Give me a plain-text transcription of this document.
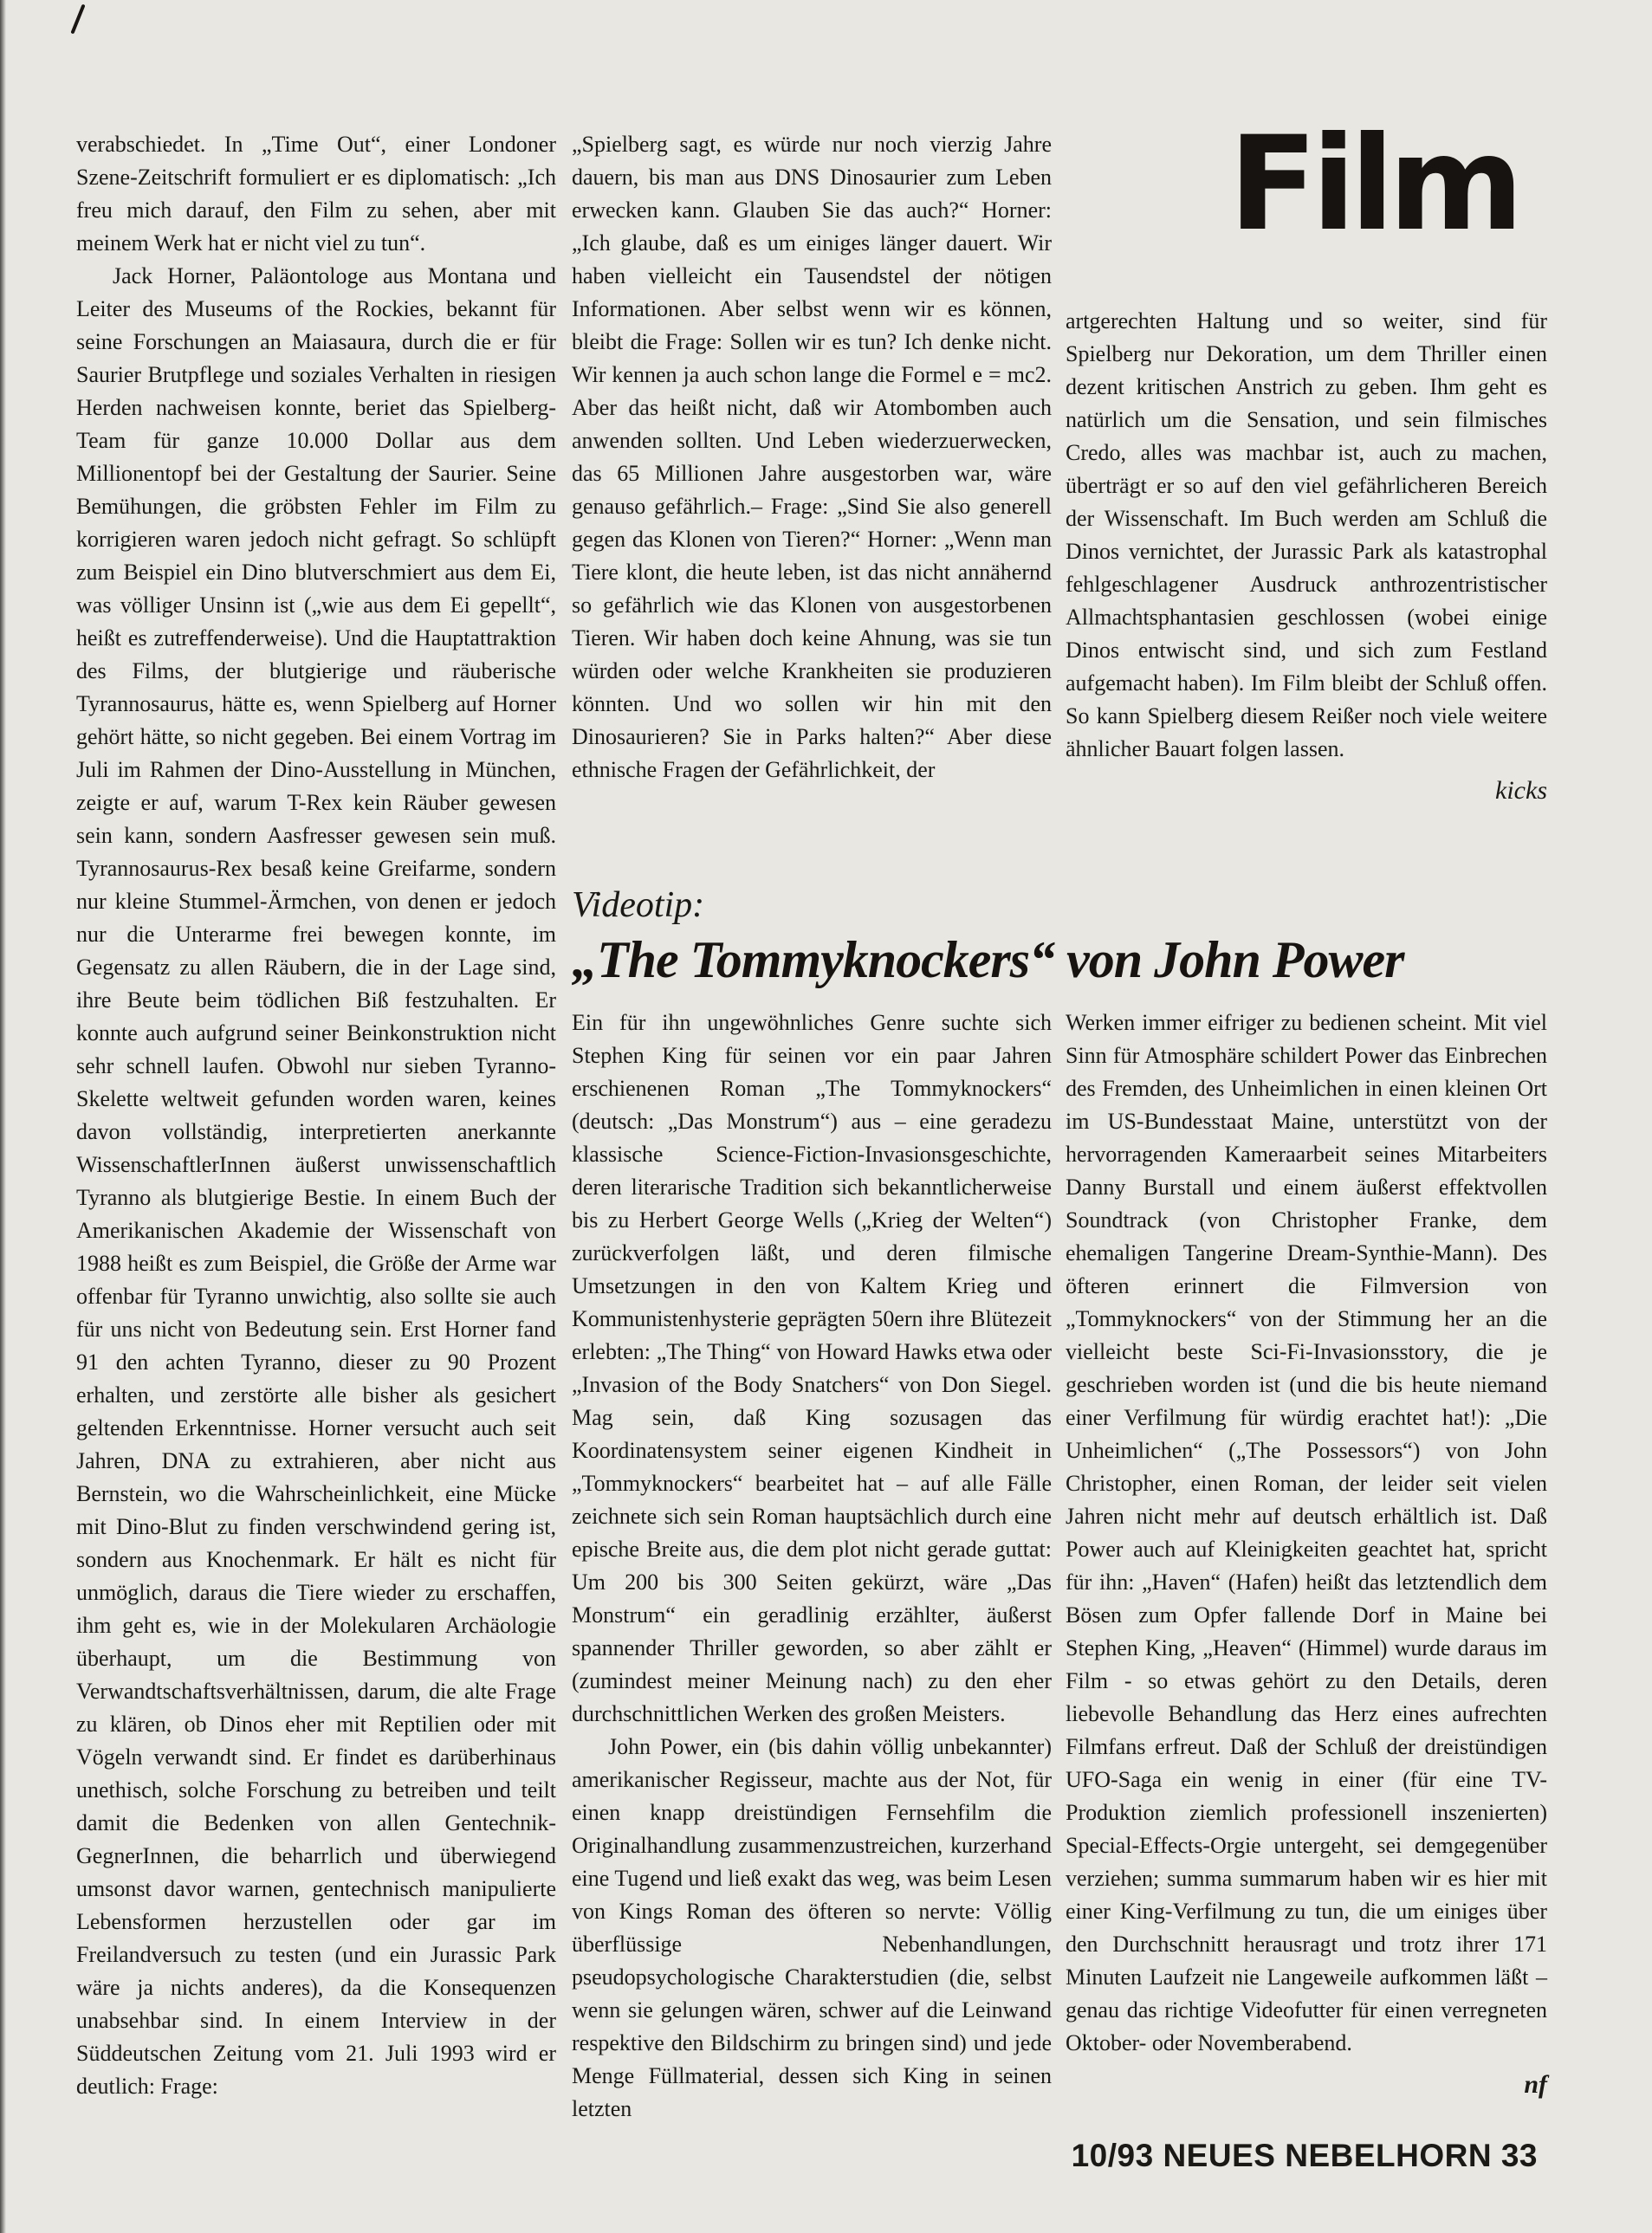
Film

verabschiedet. In „Time Out“, einer Londoner Szene-Zeitschrift formuliert er es diplomatisch: „Ich freu mich darauf, den Film zu sehen, aber mit meinem Werk hat er nicht viel zu tun“.

Jack Horner, Paläontologe aus Montana und Leiter des Museums of the Rockies, bekannt für seine Forschungen an Maiasaura, durch die er für Saurier Brutpflege und soziales Verhalten in riesigen Herden nachweisen konnte, beriet das Spielberg-Team für ganze 10.000 Dollar aus dem Millionentopf bei der Gestaltung der Saurier. Seine Bemühungen, die gröbsten Fehler im Film zu korrigieren waren jedoch nicht gefragt. So schlüpft zum Beispiel ein Dino blutverschmiert aus dem Ei, was völliger Unsinn ist („wie aus dem Ei gepellt“, heißt es zutreffenderweise). Und die Hauptattraktion des Films, der blutgierige und räuberische Tyrannosaurus, hätte es, wenn Spielberg auf Horner gehört hätte, so nicht gegeben. Bei einem Vortrag im Juli im Rahmen der Dino-Ausstellung in München, zeigte er auf, warum T-Rex kein Räuber gewesen sein kann, sondern Aasfresser gewesen sein muß. Tyrannosaurus-Rex besaß keine Greifarme, sondern nur kleine Stummel-Ärmchen, von denen er jedoch nur die Unterarme frei bewegen konnte, im Gegensatz zu allen Räubern, die in der Lage sind, ihre Beute beim tödlichen Biß festzuhalten. Er konnte auch aufgrund seiner Beinkonstruktion nicht sehr schnell laufen. Obwohl nur sieben Tyranno-Skelette weltweit gefunden worden waren, keines davon vollständig, interpretierten anerkannte WissenschaftlerInnen äußerst unwissenschaftlich Tyranno als blutgierige Bestie. In einem Buch der Amerikanischen Akademie der Wissenschaft von 1988 heißt es zum Beispiel, die Größe der Arme war offenbar für Tyranno unwichtig, also sollte sie auch für uns nicht von Bedeutung sein. Erst Horner fand 91 den achten Tyranno, dieser zu 90 Prozent erhalten, und zerstörte alle bisher als gesichert geltenden Erkenntnisse. Horner versucht auch seit Jahren, DNA zu extrahieren, aber nicht aus Bernstein, wo die Wahrscheinlichkeit, eine Mücke mit Dino-Blut zu finden verschwindend gering ist, sondern aus Knochenmark. Er hält es nicht für unmöglich, daraus die Tiere wieder zu erschaffen, ihm geht es, wie in der Molekularen Archäologie überhaupt, um die Bestimmung von Verwandtschaftsverhältnissen, darum, die alte Frage zu klären, ob Dinos eher mit Reptilien oder mit Vögeln verwandt sind. Er findet es darüberhinaus unethisch, solche Forschung zu betreiben und teilt damit die Bedenken von allen Gentechnik-GegnerInnen, die beharrlich und überwiegend umsonst davor warnen, gentechnisch manipulierte Lebensformen herzustellen oder gar im Freilandversuch zu testen (und ein Jurassic Park wäre ja nichts anderes), da die Konsequenzen unabsehbar sind. In einem Interview in der Süddeutschen Zeitung vom 21. Juli 1993 wird er deutlich: Frage:

„Spielberg sagt, es würde nur noch vierzig Jahre dauern, bis man aus DNS Dinosaurier zum Leben erwecken kann. Glauben Sie das auch?“ Horner: „Ich glaube, daß es um einiges länger dauert. Wir haben vielleicht ein Tausendstel der nötigen Informationen. Aber selbst wenn wir es können, bleibt die Frage: Sollen wir es tun? Ich denke nicht. Wir kennen ja auch schon lange die Formel e = mc2. Aber das heißt nicht, daß wir Atombomben auch anwenden sollten. Und Leben wiederzuerwecken, das 65 Millionen Jahre ausgestorben war, wäre genauso gefährlich.– Frage: „Sind Sie also generell gegen das Klonen von Tieren?“ Horner: „Wenn man Tiere klont, die heute leben, ist das nicht annähernd so gefährlich wie das Klonen von ausgestorbenen Tieren. Wir haben doch keine Ahnung, was sie tun würden oder welche Krankheiten sie produzieren könnten. Und wo sollen wir hin mit den Dinosaurieren? Sie in Parks halten?“ Aber diese ethnische Fragen der Gefährlichkeit, der

artgerechten Haltung und so weiter, sind für Spielberg nur Dekoration, um dem Thriller einen dezent kritischen Anstrich zu geben. Ihm geht es natürlich um die Sensation, und sein filmisches Credo, alles was machbar ist, auch zu machen, überträgt er so auf den viel gefährlicheren Bereich der Wissenschaft. Im Buch werden am Schluß die Dinos vernichtet, der Jurassic Park als katastrophal fehlgeschlagener Ausdruck anthrozentristischer Allmachtsphantasien geschlossen (wobei einige Dinos entwischt sind, und sich zum Festland aufgemacht haben). Im Film bleibt der Schluß offen. So kann Spielberg diesem Reißer noch viele weitere ähnlicher Bauart folgen lassen.

kicks
Videotip:
„The Tommyknockers“ von John Power

Ein für ihn ungewöhnliches Genre suchte sich Stephen King für seinen vor ein paar Jahren erschienenen Roman „The Tommyknockers“ (deutsch: „Das Monstrum“) aus – eine geradezu klassische Science-Fiction-Invasionsgeschichte, deren literarische Tradition sich bekanntlicherweise bis zu Herbert George Wells („Krieg der Welten“) zurückverfolgen läßt, und deren filmische Umsetzungen in den von Kaltem Krieg und Kommunistenhysterie geprägten 50ern ihre Blütezeit erlebten: „The Thing“ von Howard Hawks etwa oder „Invasion of the Body Snatchers“ von Don Siegel. Mag sein, daß King sozusagen das Koordinatensystem seiner eigenen Kindheit in „Tommyknockers“ bearbeitet hat – auf alle Fälle zeichnete sich sein Roman hauptsächlich durch eine epische Breite aus, die dem plot nicht gerade guttat: Um 200 bis 300 Seiten gekürzt, wäre „Das Monstrum“ ein geradlinig erzählter, äußerst spannender Thriller geworden, so aber zählt er (zumindest meiner Meinung nach) zu den eher durchschnittlichen Werken des großen Meisters.

John Power, ein (bis dahin völlig unbekannter) amerikanischer Regisseur, machte aus der Not, für einen knapp dreistündigen Fernsehfilm die Originalhandlung zusammenzustreichen, kurzerhand eine Tugend und ließ exakt das weg, was beim Lesen von Kings Roman des öfteren so nervte: Völlig überflüssige Nebenhandlungen, pseudopsychologische Charakterstudien (die, selbst wenn sie gelungen wären, schwer auf die Leinwand respektive den Bildschirm zu bringen sind) und jede Menge Füllmaterial, dessen sich King in seinen letzten

Werken immer eifriger zu bedienen scheint. Mit viel Sinn für Atmosphäre schildert Power das Einbrechen des Fremden, des Unheimlichen in einen kleinen Ort im US-Bundesstaat Maine, unterstützt von der hervorragenden Kameraarbeit seines Mitarbeiters Danny Burstall und einem äußerst effektvollen Soundtrack (von Christopher Franke, dem ehemaligen Tangerine Dream-Synthie-Mann). Des öfteren erinnert die Filmversion von „Tommyknockers“ von der Stimmung her an die vielleicht beste Sci-Fi-Invasionsstory, die je geschrieben worden ist (und die bis heute niemand einer Verfilmung für würdig erachtet hat!): „Die Unheimlichen“ („The Possessors“) von John Christopher, einen Roman, der leider seit vielen Jahren nicht mehr auf deutsch erhältlich ist. Daß Power auch auf Kleinigkeiten geachtet hat, spricht für ihn: „Haven“ (Hafen) heißt das letztendlich dem Bösen zum Opfer fallende Dorf in Maine bei Stephen King, „Heaven“ (Himmel) wurde daraus im Film - so etwas gehört zu den Details, deren liebevolle Behandlung das Herz eines aufrechten Filmfans erfreut. Daß der Schluß der dreistündigen UFO-Saga ein wenig in einer (für eine TV-Produktion ziemlich professionell inszenierten) Special-Effects-Orgie untergeht, sei demgegenüber verziehen; summa summarum haben wir es hier mit einer King-Verfilmung zu tun, die um einiges über den Durchschnitt herausragt und trotz ihrer 171 Minuten Laufzeit nie Langeweile aufkommen läßt – genau das richtige Videofutter für einen verregneten Oktober- oder Novemberabend.

nf
10/93 NEUES NEBELHORN 33
